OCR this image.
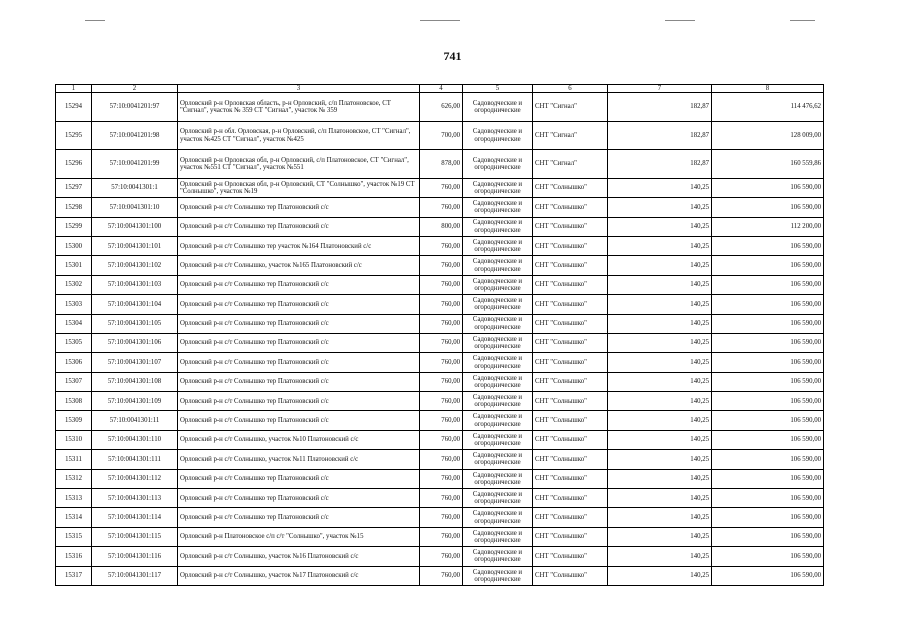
741
1	2	3	4	5	6	7	8
15294	57:10:0041201:97	Орловский р-н Орловская область, р-н Орловский, с/п Платоновское, СТ "Сигнал", участок № 359 СТ "Сигнал", участок № 359	626,00	Садоводческие и огороднические	СНТ "Сигнал"	182,87	114 476,62
15295	57:10:0041201:98	Орловский р-н обл. Орловская, р-н Орловский, с/п Платоновское, СТ "Сигнал", участок №425 СТ "Сигнал", участок №425	700,00	Садоводческие и огороднические	СНТ "Сигнал"	182,87	128 009,00
15296	57:10:0041201:99	Орловский р-н Орловская обл, р-н Орловский, с/п Платоновское, СТ "Сигнал", участок №551 СТ "Сигнал", участок №551	878,00	Садоводческие и огороднические	СНТ "Сигнал"	182,87	160 559,86
15297	57:10:0041301:1	Орловский р-н Орловская обл, р-н Орловский, СТ "Солнышко", участок №19 СТ "Солнышко", участок №19	760,00	Садоводческие и огороднические	СНТ "Солнышко"	140,25	106 590,00
15298	57:10:0041301:10	Орловский р-н с/т Солнышко тер Платоновский с/с	760,00	Садоводческие и огороднические	СНТ "Солнышко"	140,25	106 590,00
15299	57:10:0041301:100	Орловский р-н с/т Солнышко тер Платоновский с/с	800,00	Садоводческие и огороднические	СНТ "Солнышко"	140,25	112 200,00
15300	57:10:0041301:101	Орловский р-н с/т Солнышко тер участок №164 Платоновский с/с	760,00	Садоводческие и огороднические	СНТ "Солнышко"	140,25	106 590,00
15301	57:10:0041301:102	Орловский р-н с/т Солнышко, участок №165 Платоновский с/с	760,00	Садоводческие и огороднические	СНТ "Солнышко"	140,25	106 590,00
15302	57:10:0041301:103	Орловский р-н с/т Солнышко тер Платоновский с/с	760,00	Садоводческие и огороднические	СНТ "Солнышко"	140,25	106 590,00
15303	57:10:0041301:104	Орловский р-н с/т Солнышко тер Платоновский с/с	760,00	Садоводческие и огороднические	СНТ "Солнышко"	140,25	106 590,00
15304	57:10:0041301:105	Орловский р-н с/т Солнышко тер Платоновский с/с	760,00	Садоводческие и огороднические	СНТ "Солнышко"	140,25	106 590,00
15305	57:10:0041301:106	Орловский р-н с/т Солнышко тер Платоновский с/с	760,00	Садоводческие и огороднические	СНТ "Солнышко"	140,25	106 590,00
15306	57:10:0041301:107	Орловский р-н с/т Солнышко тер Платоновский с/с	760,00	Садоводческие и огороднические	СНТ "Солнышко"	140,25	106 590,00
15307	57:10:0041301:108	Орловский р-н с/т Солнышко тер Платоновский с/с	760,00	Садоводческие и огороднические	СНТ "Солнышко"	140,25	106 590,00
15308	57:10:0041301:109	Орловский р-н с/т Солнышко тер Платоновский с/с	760,00	Садоводческие и огороднические	СНТ "Солнышко"	140,25	106 590,00
15309	57:10:0041301:11	Орловский р-н с/т Солнышко тер Платоновский с/с	760,00	Садоводческие и огороднические	СНТ "Солнышко"	140,25	106 590,00
15310	57:10:0041301:110	Орловский р-н с/т Солнышко, участок №10 Платоновский с/с	760,00	Садоводческие и огороднические	СНТ "Солнышко"	140,25	106 590,00
15311	57:10:0041301:111	Орловский р-н с/т Солнышко, участок №11 Платоновский с/с	760,00	Садоводческие и огороднические	СНТ "Солнышко"	140,25	106 590,00
15312	57:10:0041301:112	Орловский р-н с/т Солнышко тер Платоновский с/с	760,00	Садоводческие и огороднические	СНТ "Солнышко"	140,25	106 590,00
15313	57:10:0041301:113	Орловский р-н с/т Солнышко тер Платоновский с/с	760,00	Садоводческие и огороднические	СНТ "Солнышко"	140,25	106 590,00
15314	57:10:0041301:114	Орловский р-н с/т Солнышко тер Платоновский с/с	760,00	Садоводческие и огороднические	СНТ "Солнышко"	140,25	106 590,00
15315	57:10:0041301:115	Орловский р-н Платоновское с/п с/т "Солнышко", участок №15	760,00	Садоводческие и огороднические	СНТ "Солнышко"	140,25	106 590,00
15316	57:10:0041301:116	Орловский р-н с/т Солнышко, участок №16 Платоновский с/с	760,00	Садоводческие и огороднические	СНТ "Солнышко"	140,25	106 590,00
15317	57:10:0041301:117	Орловский р-н с/т Солнышко, участок №17 Платоновский с/с	760,00	Садоводческие и огороднические	СНТ "Солнышко"	140,25	106 590,00
